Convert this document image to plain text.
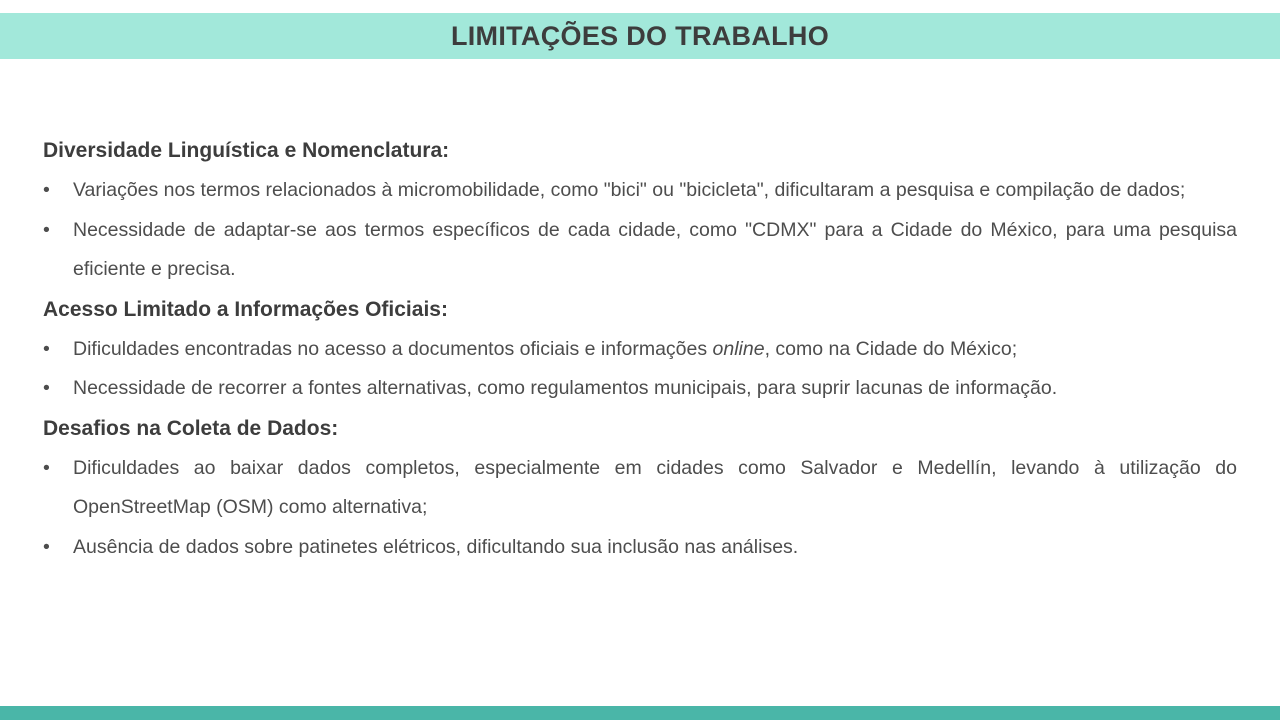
LIMITAÇÕES DO TRABALHO

Diversidade Linguística e Nomenclatura:

• Variações nos termos relacionados à micromobilidade, como "bici" ou "bicicleta", dificultaram a pesquisa e compilação de dados;
• Necessidade de adaptar-se aos termos específicos de cada cidade, como "CDMX" para a Cidade do México, para uma pesquisa eficiente e precisa.

Acesso Limitado a Informações Oficiais:

• Dificuldades encontradas no acesso a documentos oficiais e informações online, como na Cidade do México;
• Necessidade de recorrer a fontes alternativas, como regulamentos municipais, para suprir lacunas de informação.

Desafios na Coleta de Dados:

• Dificuldades ao baixar dados completos, especialmente em cidades como Salvador e Medellín, levando à utilização do OpenStreetMap (OSM) como alternativa;
• Ausência de dados sobre patinetes elétricos, dificultando sua inclusão nas análises.
